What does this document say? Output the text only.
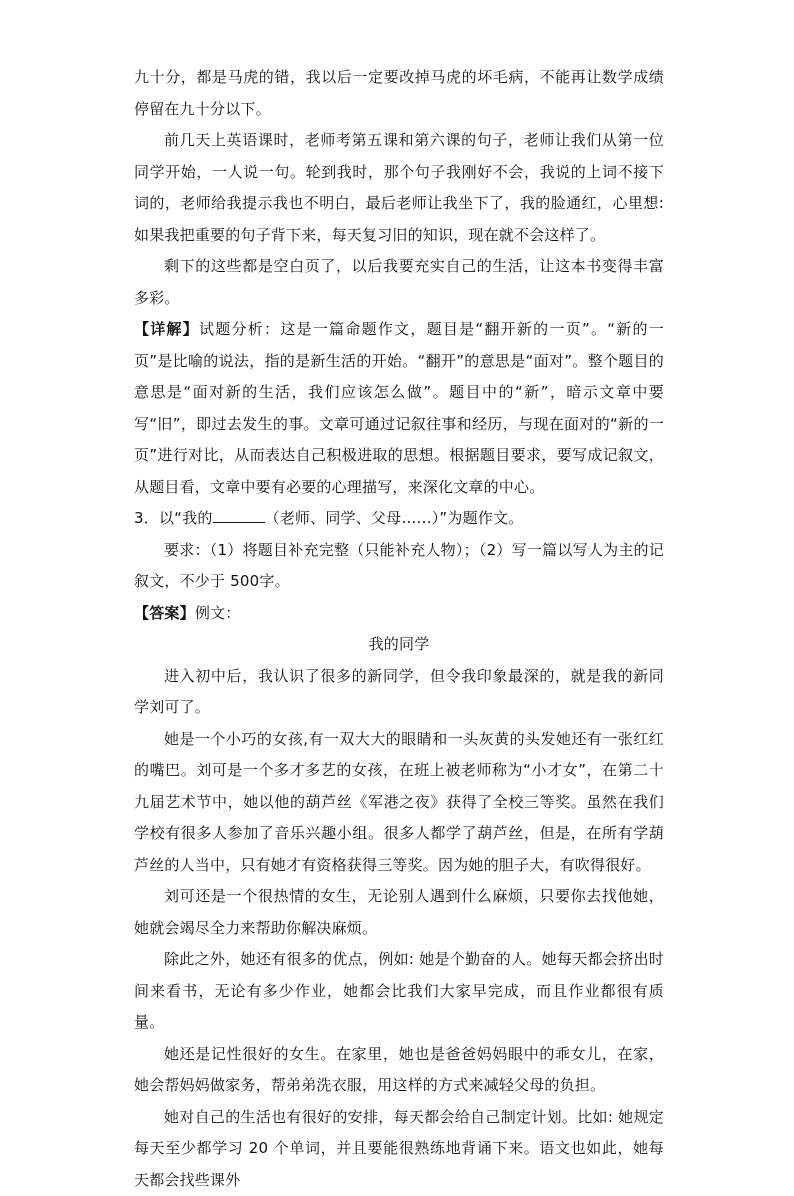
九十分，都是马虎的错，我以后一定要改掉马虎的坏毛病，不能再让数学成绩停留在九十分以下。

前几天上英语课时，老师考第五课和第六课的句子，老师让我们从第一位同学开始，一人说一句。轮到我时，那个句子我刚好不会，我说的上词不接下词的，老师给我提示我也不明白，最后老师让我坐下了，我的脸通红，心里想:如果我把重要的句子背下来，每天复习旧的知识，现在就不会这样了。

剩下的这些都是空白页了，以后我要充实自己的生活，让这本书变得丰富多彩。

【详解】试题分析：这是一篇命题作文，题目是“翻开新的一页”。“新的一页”是比喻的说法，指的是新生活的开始。“翻开”的意思是“面对”。整个题目的意思是“面对新的生活，我们应该怎么做”。题目中的“新”，暗示文章中要写“旧”，即过去发生的事。文章可通过记叙往事和经历，与现在面对的“新的一页”进行对比，从而表达自己积极进取的思想。根据题目要求，要写成记叙文，从题目看，文章中要有必要的心理描写，来深化文章的中心。

3．以“我的	（老师、同学、父母……）”为题作文。

要求：（1）将题目补充完整（只能补充人物）；（2）写一篇以写人为主的记叙文，不少于 500字。

【答案】例文：

我的同学

进入初中后，我认识了很多的新同学，但令我印象最深的，就是我的新同学刘可了。

她是一个小巧的女孩,有一双大大的眼睛和一头灰黄的头发她还有一张红红的嘴巴。刘可是一个多才多艺的女孩，在班上被老师称为“小才女”，在第二十九届艺术节中，她以他的葫芦丝《军港之夜》获得了全校三等奖。虽然在我们学校有很多人参加了音乐兴趣小组。很多人都学了葫芦丝，但是，在所有学葫芦丝的人当中，只有她才有资格获得三等奖。因为她的胆子大，有吹得很好。

刘可还是一个很热情的女生，无论别人遇到什么麻烦，只要你去找他她，她就会竭尽全力来帮助你解决麻烦。

除此之外，她还有很多的优点，例如: 她是个勤奋的人。她每天都会挤出时间来看书，无论有多少作业，她都会比我们大家早完成，而且作业都很有质量。

她还是记性很好的女生。在家里，她也是爸爸妈妈眼中的乖女儿，在家，她会帮妈妈做家务，帮弟弟洗衣服，用这样的方式来减轻父母的负担。

她对自己的生活也有很好的安排，每天都会给自己制定计划。比如: 她规定每天至少都学习 20 个单词，并且要能很熟练地背诵下来。语文也如此，她每天都会找些课外
